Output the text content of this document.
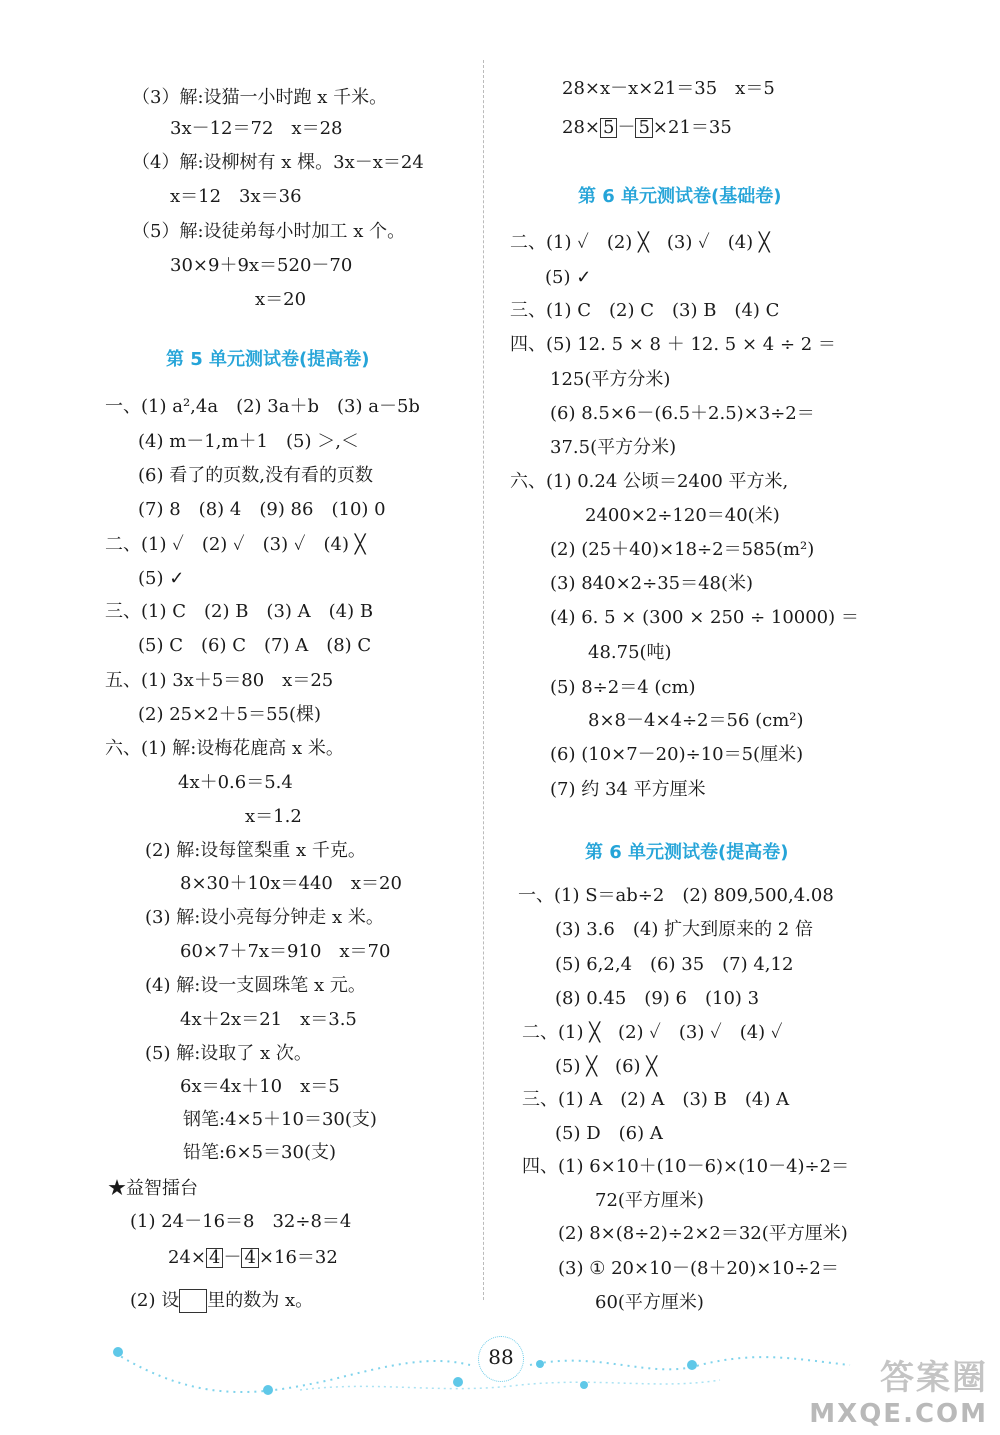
（3）解:设猫一小时跑 x 千米。
3x－12＝72　x＝28
（4）解:设柳树有 x 棵。3x－x＝24
x＝12　3x＝36
（5）解:设徒弟每小时加工 x 个。
30×9＋9x＝520－70
x＝20
第 5 单元测试卷(提高卷)
一、(1) a²,4a　(2) 3a＋b　(3) a－5b
(4) m－1,m＋1　(5) ＞,＜
(6) 看了的页数,没有看的页数
(7) 8　(8) 4　(9) 86　(10) 0
二、(1) ✓　(2) ✓　(3) ✓　(4) ╳
(5) ✓
三、(1) C　(2) B　(3) A　(4) B
(5) C　(6) C　(7) A　(8) C
五、(1) 3x＋5＝80　x＝25
(2) 25×2＋5＝55(棵)
六、(1) 解:设梅花鹿高 x 米。
4x＋0.6＝5.4
x＝1.2
(2) 解:设每筐梨重 x 千克。
8×30＋10x＝440　x＝20
(3) 解:设小亮每分钟走 x 米。
60×7＋7x＝910　x＝70
(4) 解:设一支圆珠笔 x 元。
4x＋2x＝21　x＝3.5
(5) 解:设取了 x 次。
6x＝4x＋10　x＝5
钢笔:4×5＋10＝30(支)
铅笔:6×5＝30(支)
★益智擂台
(1) 24－16＝8　32÷8＝4
24× 4 － 4 ×16＝32
(2) 设 里的数为 x。
28×x－x×21＝35　x＝5
28× 5 － 5 ×21＝35
第 6 单元测试卷(基础卷)
二、(1) ✓　(2) ╳　(3) ✓　(4) ╳
(5) ✓
三、(1) C　(2) C　(3) B　(4) C
四、(5) 12. 5 × 8 ＋ 12. 5 × 4 ÷ 2 ＝
125(平方分米)
(6) 8.5×6－(6.5＋2.5)×3÷2＝
37.5(平方分米)
六、(1) 0.24 公顷＝2400 平方米,
2400×2÷120＝40(米)
(2) (25＋40)×18÷2＝585(m²)
(3) 840×2÷35＝48(米)
(4) 6. 5 × (300 × 250 ÷ 10000) ＝
48.75(吨)
(5) 8÷2＝4 (cm)
8×8－4×4÷2＝56 (cm²)
(6) (10×7－20)÷10＝5(厘米)
(7) 约 34 平方厘米
第 6 单元测试卷(提高卷)
一、(1) S＝ab÷2　(2) 809,500,4.08
(3) 3.6　(4) 扩大到原来的 2 倍
(5) 6,2,4　(6) 35　(7) 4,12
(8) 0.45　(9) 6　(10) 3
二、(1) ╳　(2) ✓　(3) ✓　(4) ✓
(5) ╳　(6) ╳
三、(1) A　(2) A　(3) B　(4) A
(5) D　(6) A
四、(1) 6×10＋(10－6)×(10－4)÷2＝
72(平方厘米)
(2) 8×(8÷2)÷2×2＝32(平方厘米)
(3) ① 20×10－(8＋20)×10÷2＝
60(平方厘米)
88
答案圈
MXQE.COM
